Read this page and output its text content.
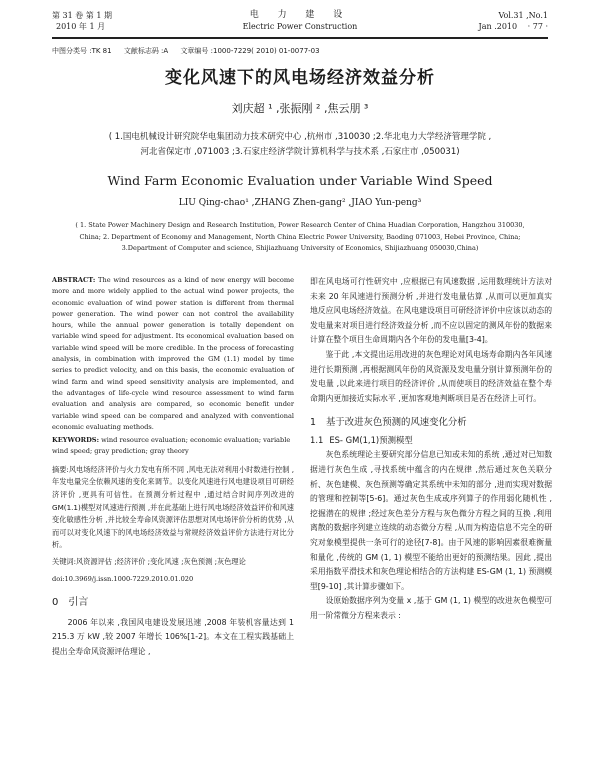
第 31 卷 第 1 期
2010 年 1 月
电 力 建 设
Electric Power Construction
Vol.31 ,No.1
Jan .2010 · 77 ·
中图分类号 :TK 81 文献标志码 :A 文章编号 :1000-7229( 2010) 01-0077-03
变化风速下的风电场经济效益分析
刘庆超 ¹ ,张振刚 ² ,焦云朋 ³
( 1.国电机械设计研究院华电集团动力技术研究中心 ,杭州市 ,310030 ;2.华北电力大学经济管理学院 ,
河北省保定市 ,071003 ;3.石家庄经济学院计算机科学与技术系 ,石家庄市 ,050031)
Wind Farm Economic Evaluation under Variable Wind Speed
LIU Qing-chao¹ ,ZHANG Zhen-gang² ,JIAO Yun-peng³
( 1. State Power Machinery Design and Research Institution, Power Research Center of China Huadian Corporation, Hangzhou 310030,
China; 2. Department of Economy and Management, North China Electric Power University, Baoding 071003, Hebei Province, China;
3.Department of Computer and science, Shijiazhuang University of Economics, Shijiazhuang 050030,China)

ABSTRACT: The wind resources as a kind of new energy will become more and more widely applied to the actual wind power projects, the economic evaluation of wind power station is different from thermal power generation. The wind power can not control the availability hours, while the annual power generation is totally dependent on variable wind speed for adjustment. Its economical evaluation based on variable wind speed will be more credible. In the process of forecasting analysis, in combination with improved the GM (1.1) model by time series to predict velocity, and on this basis, the economic evaluation of wind farm and wind speed sensitivity analysis are implemented, and the advantages of life-cycle wind resource assessment to wind farm evaluation and analysis are compared, so economic benefit under variable wind speed can be compared and analyzed with conventional economic evaluating methods.

KEYWORDS: wind resource evaluation; economic evaluation; variable wind speed; gray prediction; gray theory

摘要:风电场经济评价与火力发电有所不同 ,风电无法对利用小时数进行控制 ,年发电量完全依赖风速的变化来调节。以变化风速进行风电建设项目可研经济评价 ,更具有可信性。在预测分析过程中 ,通过结合时间序列改进的 GM(1.1)模型对风速进行预测 ,并在此基础上进行风电场经济效益评价和风速变化敏感性分析 ,并比较全寿命风资源评估思想对风电场评价分析的优势 ,从而可以对变化风速下的风电场经济效益与常规经济效益评价方法进行对比分析。

关键词:风资源评估 ;经济评价 ;变化风速 ;灰色预测 ;灰色理论

doi:10.3969/j.issn.1000-7229.2010.01.020

0 引言

2006 年以来 ,我国风电建设发展迅速 ,2008 年装机容量达到 1 215.3 万 kW ,较 2007 年增长 106%[1-2]。本文在工程实践基础上提出全寿命风资源评估理论 ,

即在风电场可行性研究中 ,应根据已有风速数据 ,运用数理统计方法对未来 20 年风速进行预测分析 ,并进行发电量估算 ,从而可以更加真实地反应风电场经济效益。在风电建设项目可研经济评价中应该以动态的发电量来对项目进行经济效益分析 ,而不应以固定的测风年份的数据来计算在整个项目生命周期内各个年份的发电量[3-4]。

鉴于此 ,本文提出运用改进的灰色理论对风电场寿命期内各年风速进行长期预测 ,再根据测风年份的风资源及发电量分别计算预测年份的发电量 ,以此来进行项目的经济评价 ,从而使项目的经济效益在整个寿命期内更加接近实际水平 ,更加客观地判断项目是否在经济上可行。

1 基于改进灰色预测的风速变化分析
1.1 ES- GM(1,1)预测模型

灰色系统理论主要研究部分信息已知或未知的系统 ,通过对已知数据进行灰色生成 ,寻找系统中蕴含的内在规律 ,然后通过灰色关联分析、灰色建模、灰色预测等确定其系统中未知的部分 ,进而实现对数据的管理和控制等[5-6]。通过灰色生成或序列算子的作用弱化随机性 ,挖掘潜在的规律 ;经过灰色差分方程与灰色微分方程之间的互换 ,利用离散的数据序列建立连续的动态微分方程 ,从而为构造信息不完全的研究对象模型提供一条可行的途径[7-8]。由于风速的影响因素很难衡量和量化 ,传统的 GM (1, 1) 模型不能给出更好的预测结果。因此 ,提出采用指数平滑技术和灰色理论相结合的方法构建 ES-GM (1, 1) 预测模型[9-10] ,其计算步骤如下。

设原始数据序列为变量 x ,基于 GM (1, 1) 模型的改进灰色模型可用一阶常微分方程来表示 :
